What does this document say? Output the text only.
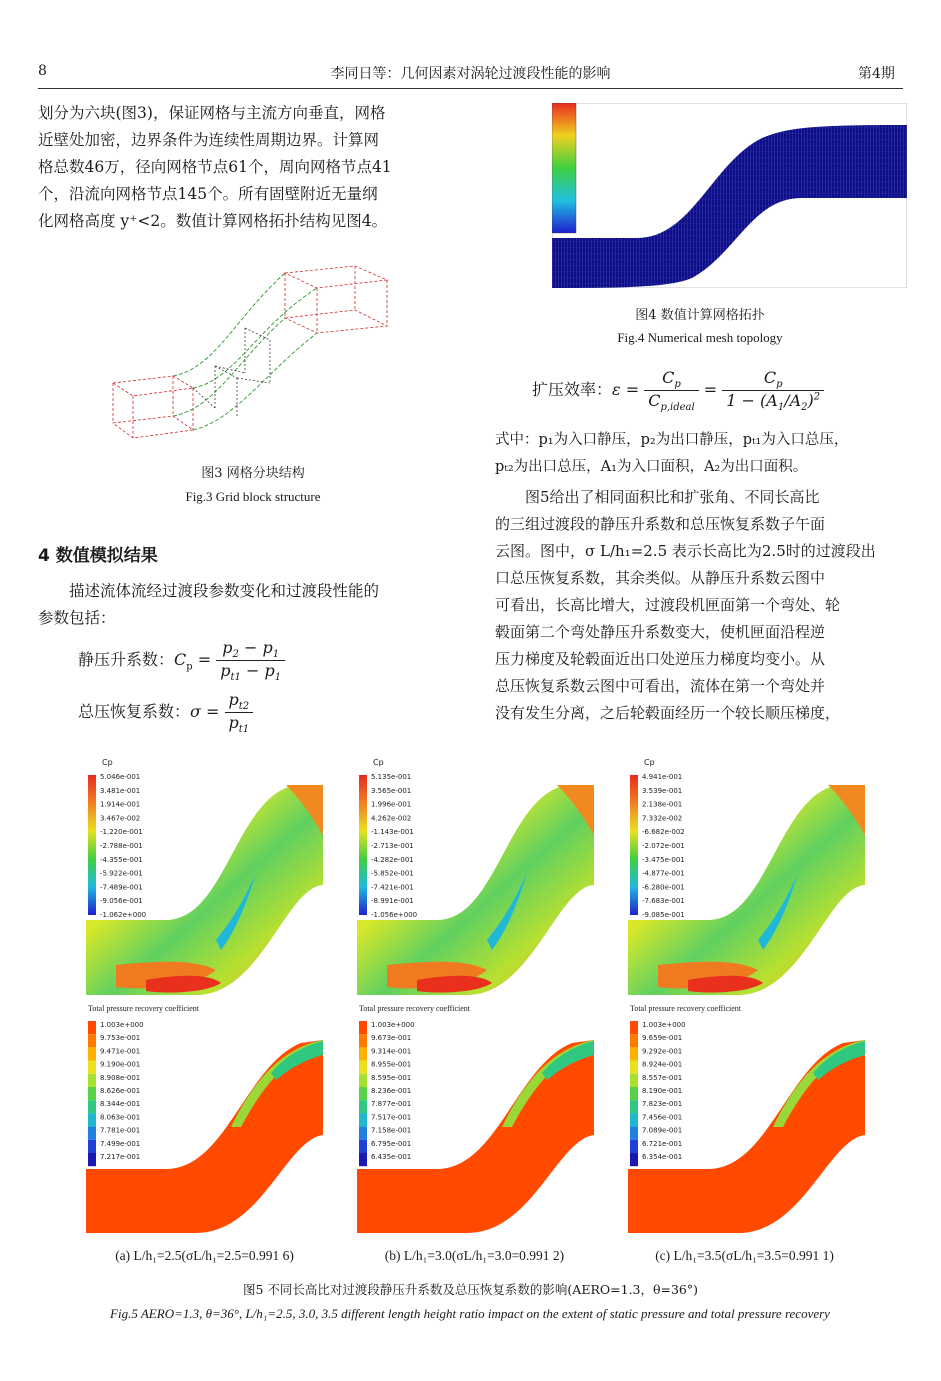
8	李同日等：几何因素对涡轮过渡段性能的影响	第4期
划分为六块(图3)，保证网格与主流方向垂直，网格
近壁处加密，边界条件为连续性周期边界。计算网
格总数46万，径向网格节点61个，周向网格节点41
个，沿流向网格节点145个。所有固壁附近无量纲
化网格高度 y⁺<2。数值计算网格拓扑结构见图4。
图3 网格分块结构
Fig.3 Grid block structure
4 数值模拟结果
描述流体流经过渡段参数变化和过渡段性能的
参数包括：
静压升系数：$C_p = \frac{p_2 - p_1}{p_{t1} - p_1}$
总压恢复系数：$\sigma = \frac{p_{t2}}{p_{t1}}$
图4 数值计算网格拓扑
Fig.4 Numerical mesh topology
扩压效率：$\varepsilon = \frac{C_p}{C_{p,ideal}} = \frac{C_p}{1 - (A_1/A_2)^2}$
式中：p₁为入口静压，p₂为出口静压，pₜ₁为入口总压，
pₜ₂为出口总压，A₁为入口面积，A₂为出口面积。
图5给出了相同面积比和扩张角、不同长高比
的三组过渡段的静压升系数和总压恢复系数子午面
云图。图中，σ L/h₁=2.5 表示长高比为2.5时的过渡段出
口总压恢复系数，其余类似。从静压升系数云图中
可看出，长高比增大，过渡段机匣面第一个弯处、轮
毂面第二个弯处静压升系数变大，使机匣面沿程逆
压力梯度及轮毂面近出口处逆压力梯度均变小。从
总压恢复系数云图中可看出，流体在第一个弯处并
没有发生分离，之后轮毂面经历一个较长顺压梯度，
Cp
5.046e-001
3.481e-001
1.914e-001
3.467e-002
-1.220e-001
-2.788e-001
-4.355e-001
-5.922e-001
-7.489e-001
-9.056e-001
-1.062e+000
Total pressure recovery coefficient
1.003e+000
9.753e-001
9.471e-001
9.190e-001
8.908e-001
8.626e-001
8.344e-001
8.063e-001
7.781e-001
7.499e-001
7.217e-001
Cp
5.135e-001
3.565e-001
1.996e-001
4.262e-002
-1.143e-001
-2.713e-001
-4.282e-001
-5.852e-001
-7.421e-001
-8.991e-001
-1.056e+000
Total pressure recovery coefficient
1.003e+000
9.673e-001
9.314e-001
8.955e-001
8.595e-001
8.236e-001
7.877e-001
7.517e-001
7.158e-001
6.795e-001
6.435e-001
Cp
4.941e-001
3.539e-001
2.138e-001
7.332e-002
-6.682e-002
-2.072e-001
-3.475e-001
-4.877e-001
-6.280e-001
-7.683e-001
-9.085e-001
Total pressure recovery coefficient
1.003e+000
9.659e-001
9.292e-001
8.924e-001
8.557e-001
8.190e-001
7.823e-001
7.456e-001
7.089e-001
6.721e-001
6.354e-001
(a) L/h₁=2.5(σL/h₁=2.5=0.991 6)	(b) L/h₁=3.0(σL/h₁=3.0=0.991 2)	(c) L/h₁=3.5(σL/h₁=3.5=0.991 1)
图5 不同长高比对过渡段静压升系数及总压恢复系数的影响(AERO=1.3，θ=36°)
Fig.5 AERO=1.3, θ=36°, L/h₁=2.5, 3.0, 3.5 different length height ratio impact on the extent of static pressure and total pressure recovery
